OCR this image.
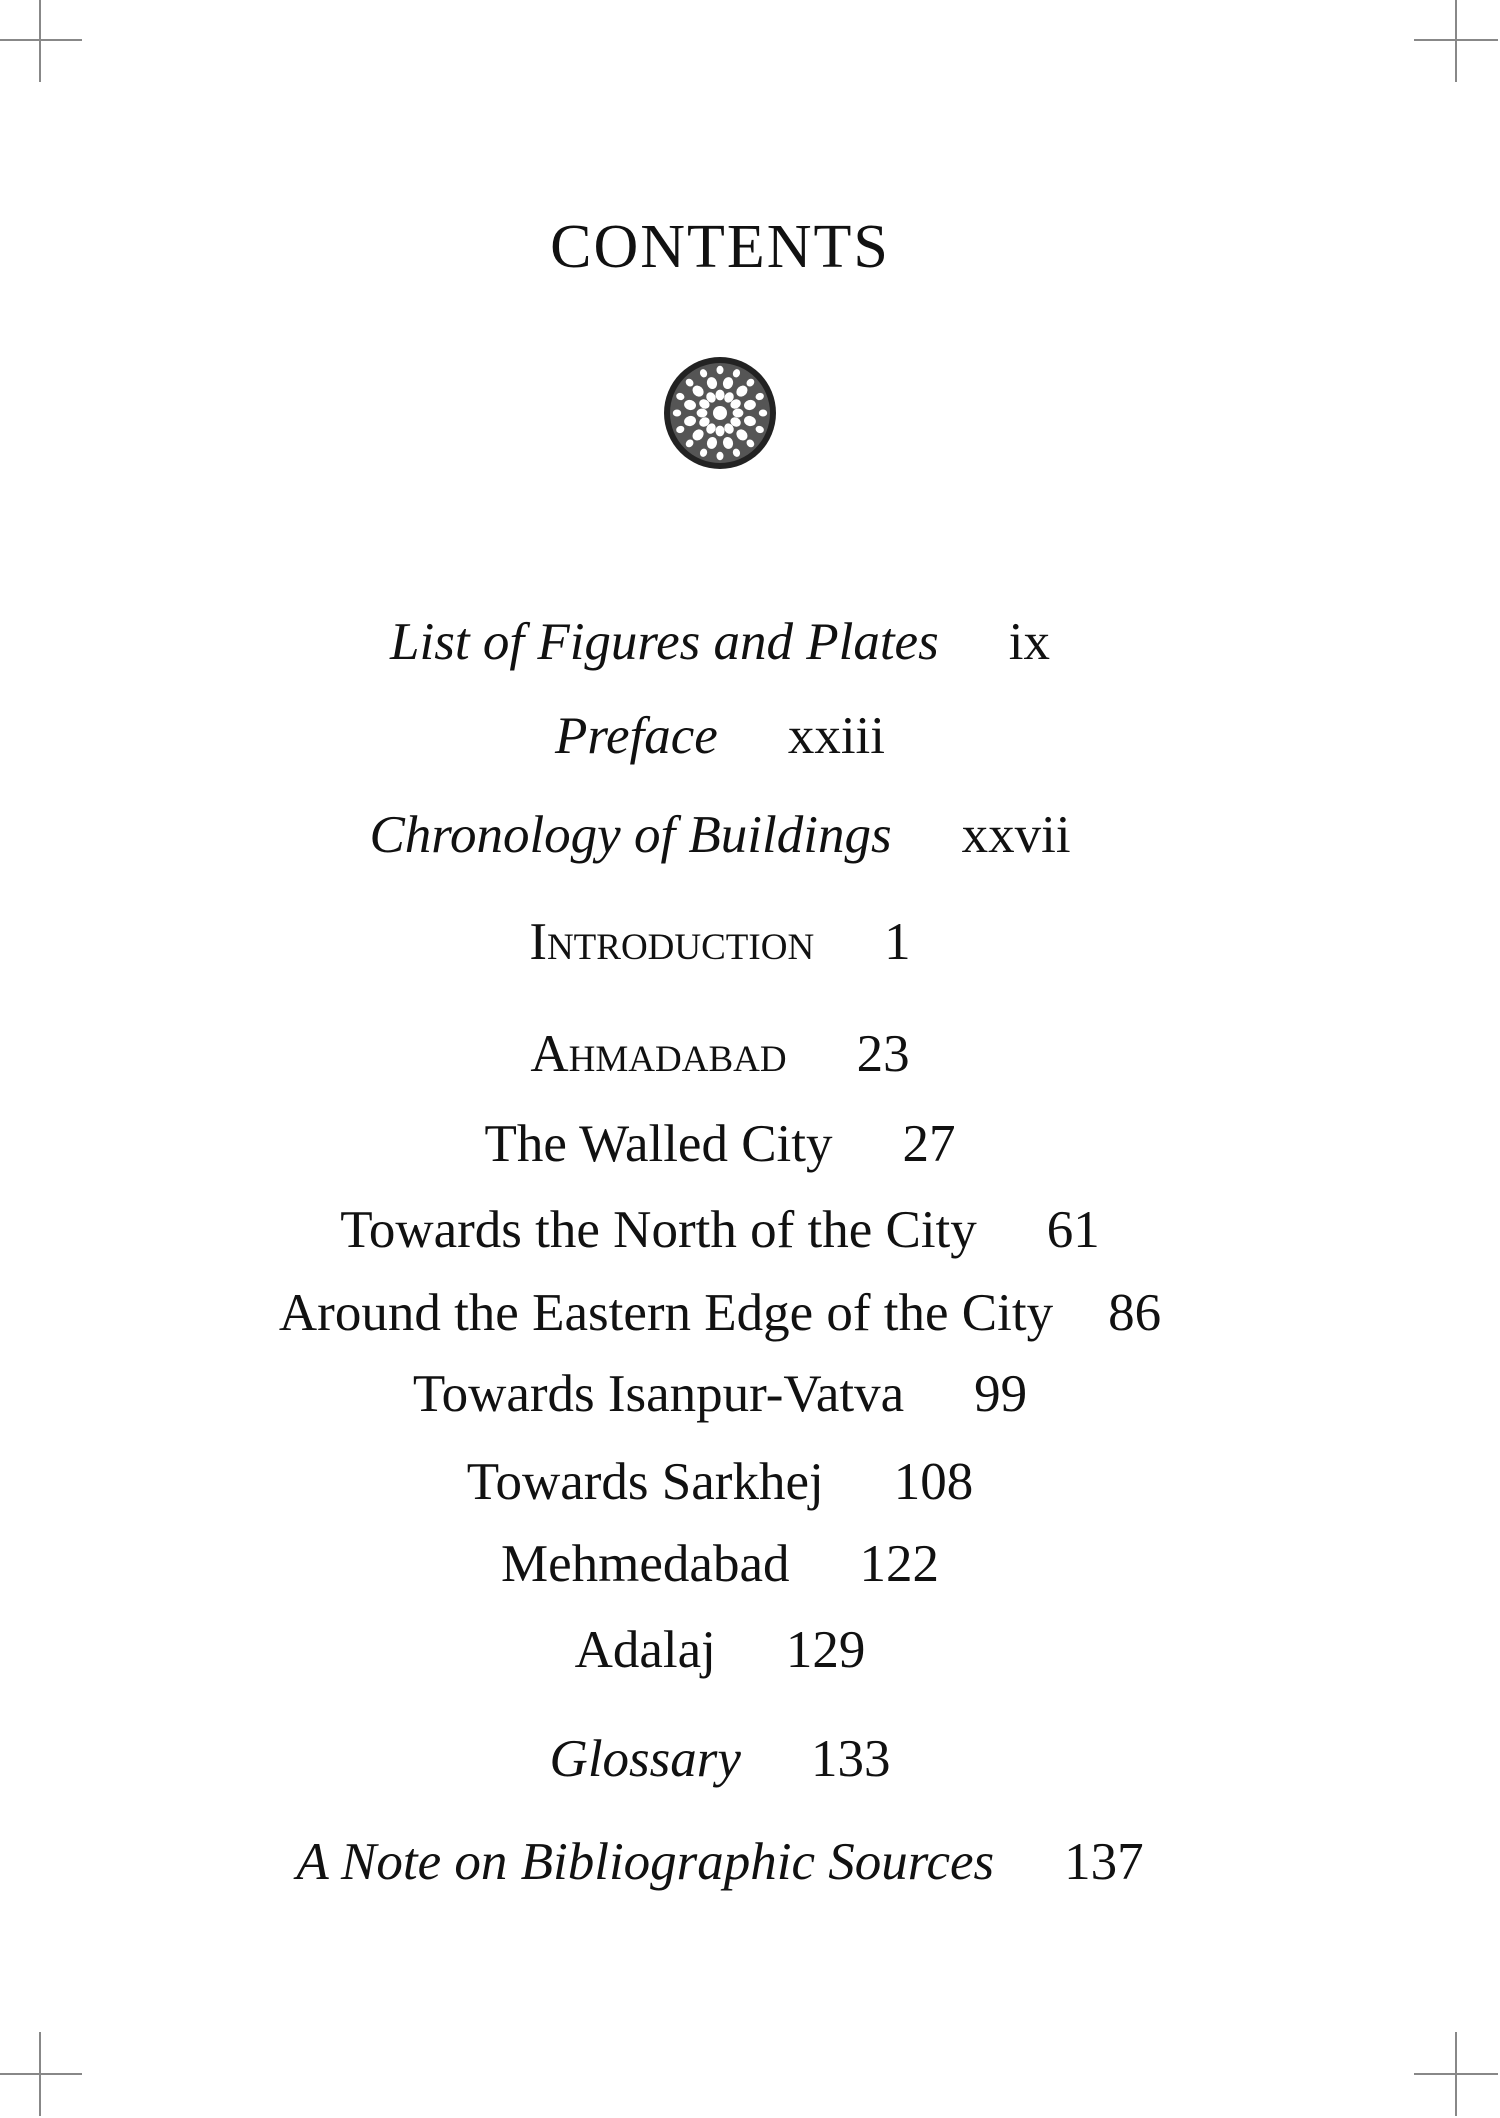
CONTENTS
List of Figures and Plates ix
Preface xxiii
Chronology of Buildings xxvii
Introduction 1
Ahmadabad 23
The Walled City 27
Towards the North of the City 61
Around the Eastern Edge of the City 86
Towards Isanpur-Vatva 99
Towards Sarkhej 108
Mehmedabad 122
Adalaj 129
Glossary 133
A Note on Bibliographic Sources 137
